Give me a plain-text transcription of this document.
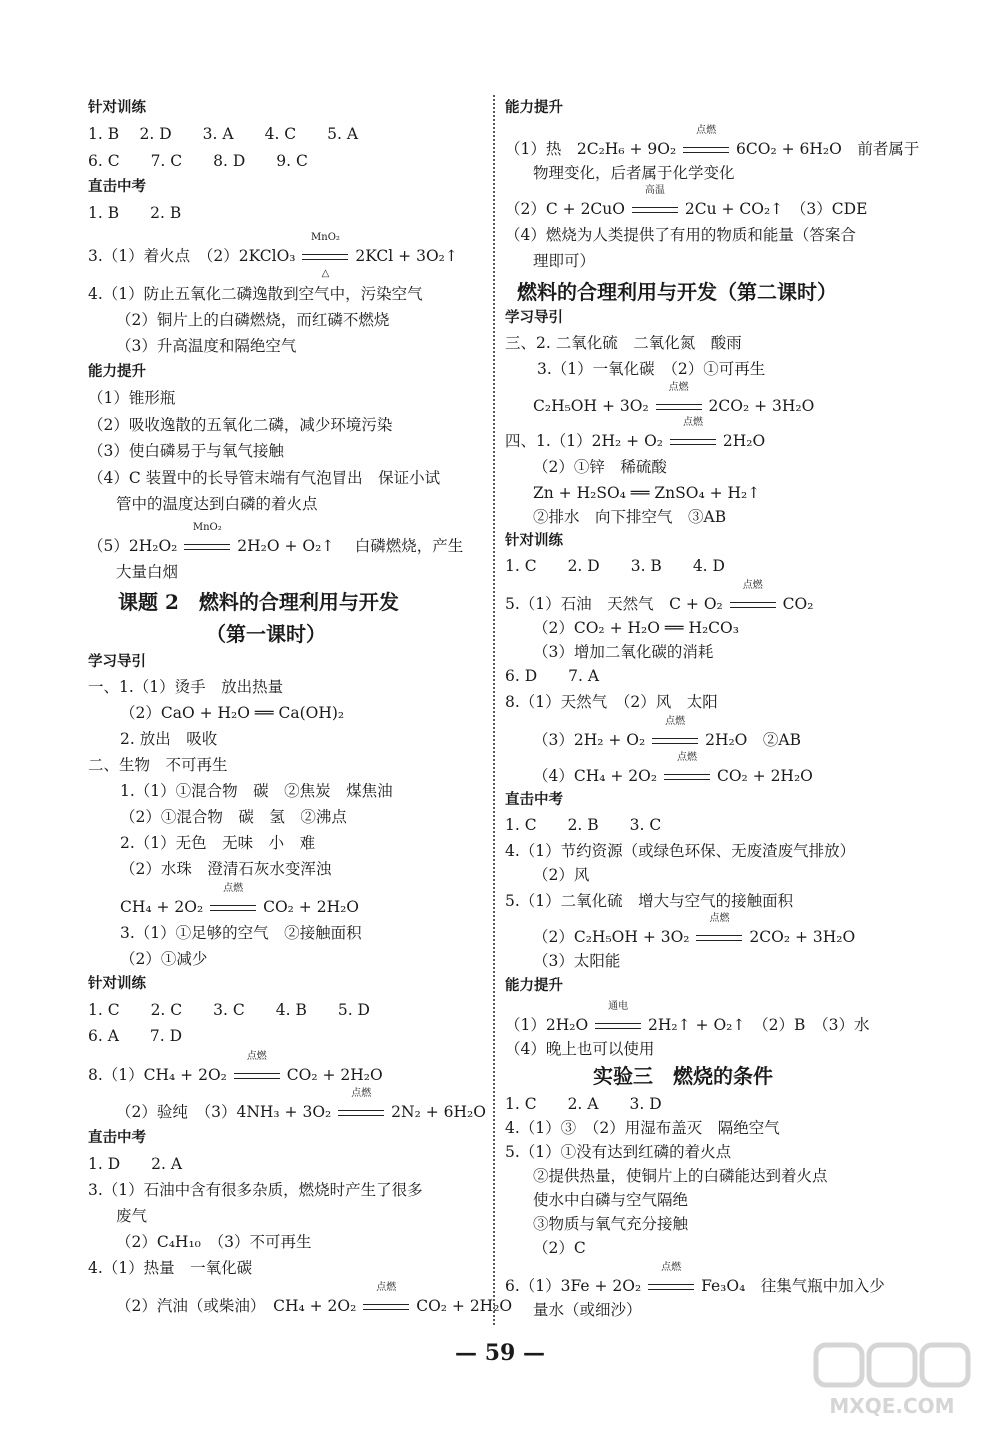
针对训练
1. B　 2. D　　3. A　　4. C　　5. A
6. C　　7. C　　8. D　　9. C
直击中考
1. B　　2. B
3.（1）着火点　（2）2KClO₃
MnO₂
△
2KCl + 3O₂↑
4.（1）防止五氧化二磷逸散到空气中，污染空气
（2）铜片上的白磷燃烧，而红磷不燃烧
（3）升高温度和隔绝空气
能力提升
（1）锥形瓶
（2）吸收逸散的五氧化二磷，减少环境污染
（3）使白磷易于与氧气接触
（4）C 装置中的长导管末端有气泡冒出　保证小试
管中的温度达到白磷的着火点
（5）2H₂O₂
MnO₂
2H₂O + O₂↑　 白磷燃烧，产生
大量白烟
课题 2　燃料的合理利用与开发
（第一课时）
学习导引
一、1.（1）烫手　放出热量
（2）CaO + H₂O ══ Ca(OH)₂
2. 放出　吸收
二、生物　不可再生
1.（1）①混合物　碳　②焦炭　煤焦油
（2）①混合物　碳　氢　②沸点
2.（1）无色　无味　小　难
（2）水珠　澄清石灰水变浑浊
CH₄ + 2O₂
点燃
CO₂ + 2H₂O
3.（1）①足够的空气　②接触面积
（2）①减少
针对训练
1. C　　2. C　　3. C　　4. B　　5. D
6. A　　7. D
8.（1）CH₄ + 2O₂
点燃
CO₂ + 2H₂O
（2）验纯　（3）4NH₃ + 3O₂
点燃
2N₂ + 6H₂O
直击中考
1. D　　2. A
3.（1）石油中含有很多杂质，燃烧时产生了很多
废气
（2）C₄H₁₀　（3）不可再生
4.（1）热量　一氧化碳
（2）汽油（或柴油）　CH₄ + 2O₂
点燃
CO₂ + 2H₂O
能力提升
（1）热　2C₂H₆ + 9O₂
点燃
6CO₂ + 6H₂O　前者属于
物理变化，后者属于化学变化
（2）C + 2CuO
高温
2Cu + CO₂↑　（3）CDE
（4）燃烧为人类提供了有用的物质和能量（答案合
理即可）
燃料的合理利用与开发（第二课时）
学习导引
三、2. 二氧化硫　二氧化氮　酸雨
3.（1）一氧化碳　（2）①可再生
C₂H₅OH + 3O₂
点燃
2CO₂ + 3H₂O
四、1.（1）2H₂ + O₂
点燃
2H₂O
（2）①锌　稀硫酸
Zn + H₂SO₄ ══ ZnSO₄ + H₂↑
②排水　向下排空气　③AB
针对训练
1. C　　2. D　　3. B　　4. D
5.（1）石油　天然气　C + O₂
点燃
CO₂
（2）CO₂ + H₂O ══ H₂CO₃
（3）增加二氧化碳的消耗
6. D　　7. A
8.（1）天然气　（2）风　太阳
（3）2H₂ + O₂
点燃
2H₂O　②AB
（4）CH₄ + 2O₂
点燃
CO₂ + 2H₂O
直击中考
1. C　　2. B　　3. C
4.（1）节约资源（或绿色环保、无废渣废气排放）
（2）风
5.（1）二氧化硫　增大与空气的接触面积
（2）C₂H₅OH + 3O₂
点燃
2CO₂ + 3H₂O
（3）太阳能
能力提升
（1）2H₂O
通电
2H₂↑ + O₂↑　（2）B　（3）水
（4）晚上也可以使用
实验三　燃烧的条件
1. C　　2. A　　3. D
4.（1）③　（2）用湿布盖灭　隔绝空气
5.（1）①没有达到红磷的着火点
②提供热量，使铜片上的白磷能达到着火点
使水中白磷与空气隔绝
③物质与氧气充分接触
（2）C
6.（1）3Fe + 2O₂
点燃
Fe₃O₄　往集气瓶中加入少
量水（或细沙）
— 59 —
MXQE.COM
